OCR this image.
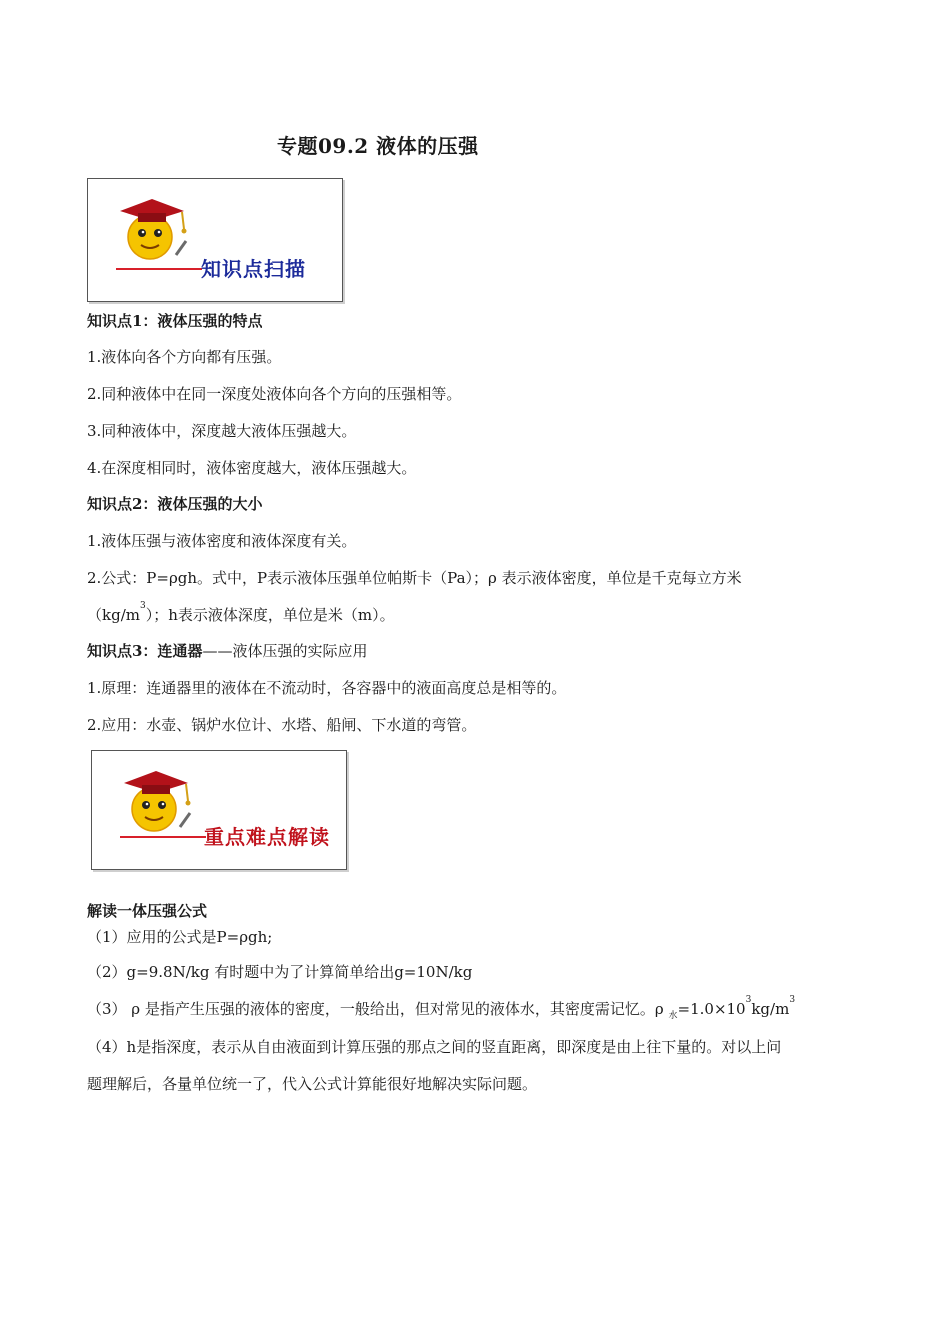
专题09.2 液体的压强
知识点扫描
知识点1：液体压强的特点
1.液体向各个方向都有压强。
2.同种液体中在同一深度处液体向各个方向的压强相等。
3.同种液体中，深度越大液体压强越大。
4.在深度相同时，液体密度越大，液体压强越大。
知识点2：液体压强的大小
1.液体压强与液体密度和液体深度有关。
2.公式：P=ρgh。式中，P表示液体压强单位帕斯卡（Pa）；ρ 表示液体密度，单位是千克每立方米
$(kg/m^3)$；h表示液体深度，单位是米（m）。
知识点3：连通器——液体压强的实际应用
1.原理：连通器里的液体在不流动时，各容器中的液面高度总是相等的。
2.应用：水壶、锅炉水位计、水塔、船闸、下水道的弯管。
重点难点解读
解读一体压强公式
（1）应用的公式是P=ρgh;
（2）g=9.8N/kg 有时题中为了计算简单给出g=10N/kg
（3） ρ 是指产生压强的液体的密度，一般给出，但对常见的液体水，其密度需记忆。ρ $_水=1.0\times 10^3kg/m^3$
（4）h是指深度，表示从自由液面到计算压强的那点之间的竖直距离，即深度是由上往下量的。对以上问
题理解后，各量单位统一了，代入公式计算能很好地解决实际问题。
